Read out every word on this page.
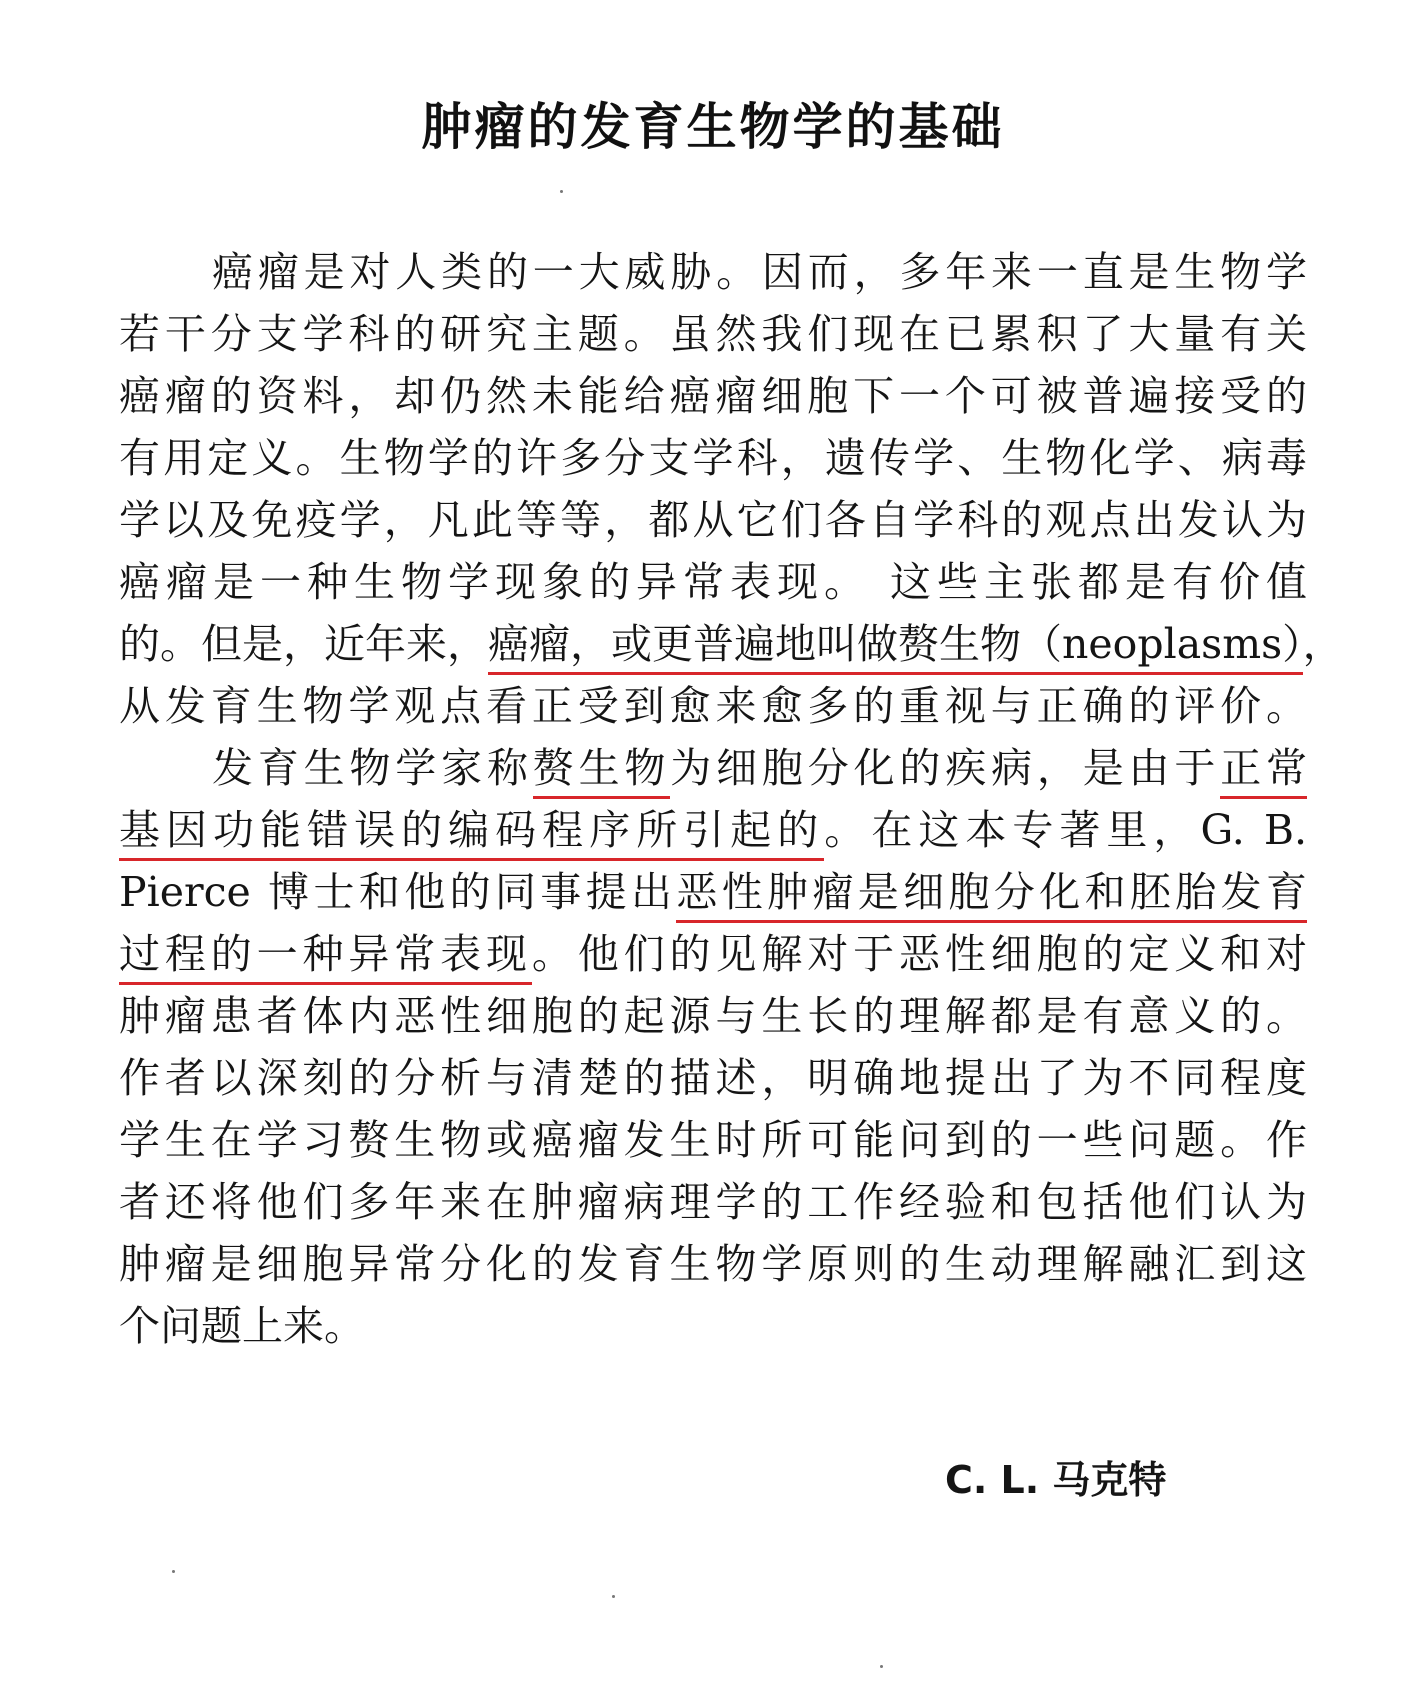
肿瘤的发育生物学的基础
癌瘤是对人类的一大威胁。因而，多年来一直是生物学
若干分支学科的研究主题。虽然我们现在已累积了大量有关
癌瘤的资料，却仍然未能给癌瘤细胞下一个可被普遍接受的
有用定义。生物学的许多分支学科，遗传学、生物化学、病毒
学以及免疫学，凡此等等，都从它们各自学科的观点出发认为
癌瘤是一种生物学现象的异常表现。 这些主张都是有价值
的。但是，近年来，癌瘤，或更普遍地叫做赘生物（neoplasms），
从发育生物学观点看正受到愈来愈多的重视与正确的评价。
发育生物学家称赘生物为细胞分化的疾病，是由于正常
基因功能错误的编码程序所引起的。在这本专著里，G. B.
Pierce 博士和他的同事提出恶性肿瘤是细胞分化和胚胎发育
过程的一种异常表现。他们的见解对于恶性细胞的定义和对
肿瘤患者体内恶性细胞的起源与生长的理解都是有意义的。
作者以深刻的分析与清楚的描述，明确地提出了为不同程度
学生在学习赘生物或癌瘤发生时所可能问到的一些问题。作
者还将他们多年来在肿瘤病理学的工作经验和包括他们认为
肿瘤是细胞异常分化的发育生物学原则的生动理解融汇到这
个问题上来。
C. L. 马克特
